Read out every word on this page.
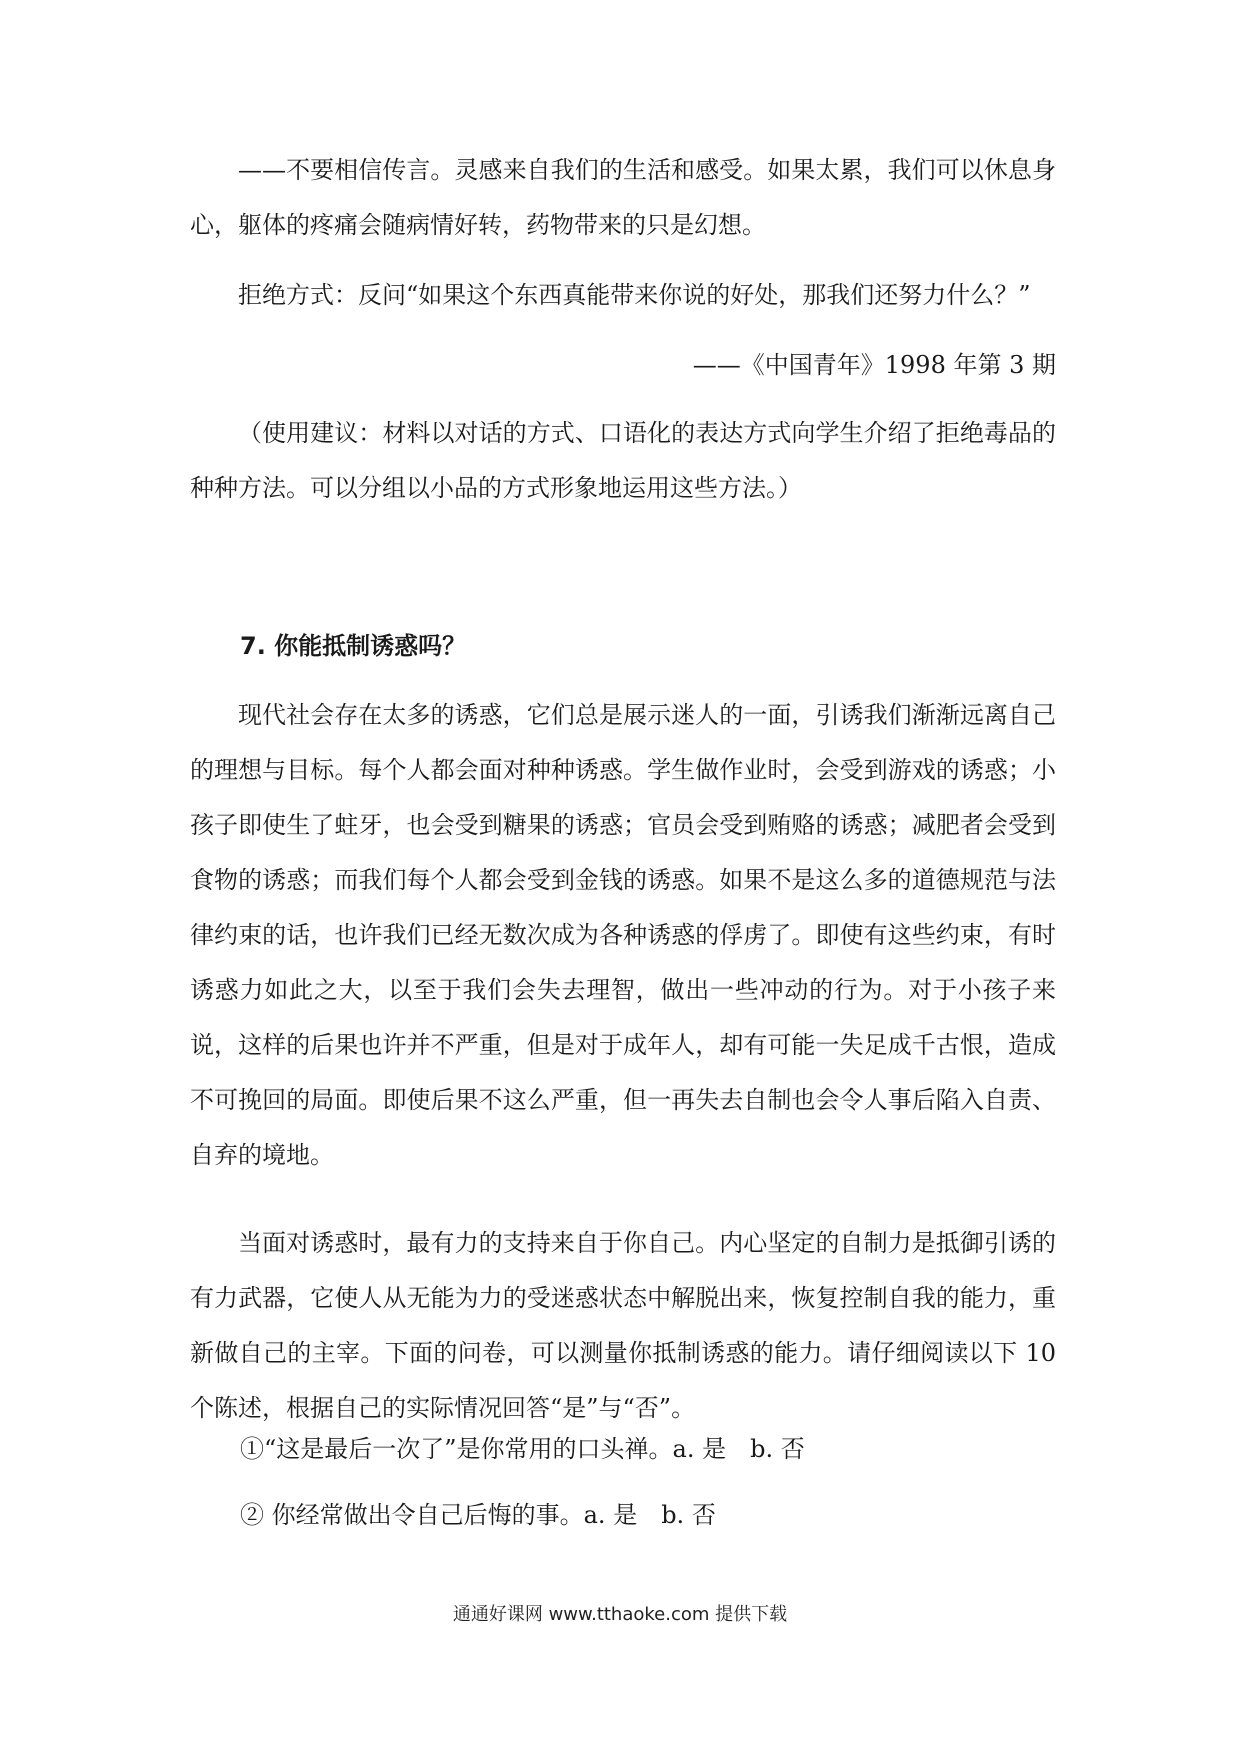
——不要相信传言。灵感来自我们的生活和感受。如果太累，我们可以休息身心，躯体的疼痛会随病情好转，药物带来的只是幻想。

拒绝方式：反问“如果这个东西真能带来你说的好处，那我们还努力什么？”

——《中国青年》1998 年第 3 期

（使用建议：材料以对话的方式、口语化的表达方式向学生介绍了拒绝毒品的种种方法。可以分组以小品的方式形象地运用这些方法。）

7. 你能抵制诱惑吗？

现代社会存在太多的诱惑，它们总是展示迷人的一面，引诱我们渐渐远离自己的理想与目标。每个人都会面对种种诱惑。学生做作业时，会受到游戏的诱惑；小孩子即使生了蛀牙，也会受到糖果的诱惑；官员会受到贿赂的诱惑；减肥者会受到食物的诱惑；而我们每个人都会受到金钱的诱惑。如果不是这么多的道德规范与法律约束的话，也许我们已经无数次成为各种诱惑的俘虏了。即使有这些约束，有时诱惑力如此之大，以至于我们会失去理智，做出一些冲动的行为。对于小孩子来说，这样的后果也许并不严重，但是对于成年人，却有可能一失足成千古恨，造成不可挽回的局面。即使后果不这么严重，但一再失去自制也会令人事后陷入自责、自弃的境地。

当面对诱惑时，最有力的支持来自于你自己。内心坚定的自制力是抵御引诱的有力武器，它使人从无能为力的受迷惑状态中解脱出来，恢复控制自我的能力，重新做自己的主宰。下面的问卷，可以测量你抵制诱惑的能力。请仔细阅读以下 10 个陈述，根据自己的实际情况回答“是”与“否”。

①“这是最后一次了”是你常用的口头禅。a. 是　b. 否

② 你经常做出令自己后悔的事。a. 是　b. 否

通通好课网 www.tthaoke.com 提供下载
